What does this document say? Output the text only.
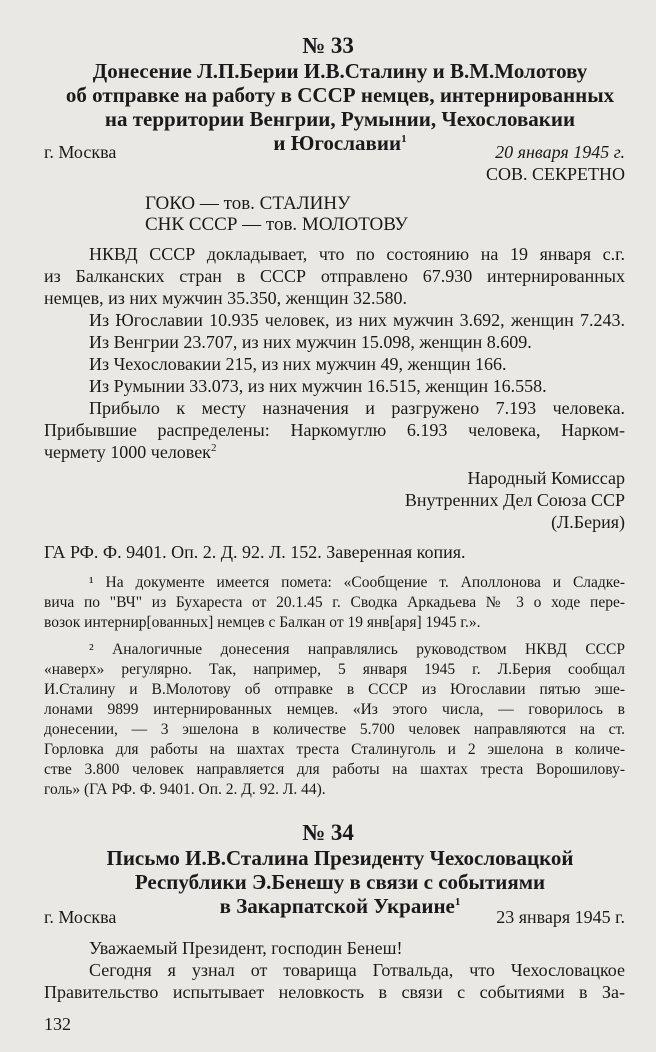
№ 33
Донесение Л.П.Берии И.В.Сталину и В.М.Молотову
об отправке на работу в СССР немцев, интернированных
на территории Венгрии, Румынии, Чехословакии
и Югославии$^1$
г. Москва	20 января 1945 г.
СОВ. СЕКРЕТНО
ГОКО — тов. СТАЛИНУ
СНК СССР — тов. МОЛОТОВУ
НКВД СССР докладывает, что по состоянию на 19 января с.г.
из Балканских стран в СССР отправлено 67.930 интернированных
немцев, из них мужчин 35.350, женщин 32.580.
Из Югославии 10.935 человек, из них мужчин 3.692, женщин 7.243.
Из Венгрии 23.707, из них мужчин 15.098, женщин 8.609.
Из Чехословакии 215, из них мужчин 49, женщин 166.
Из Румынии 33.073, из них мужчин 16.515, женщин 16.558.
Прибыло к месту назначения и разгружено 7.193 человека.
Прибывшие распределены: Наркомуглю 6.193 человека, Нарком-
чермету 1000 человек$^2$
Народный Комиссар
Внутренних Дел Союза ССР
(Л.Берия)
ГА РФ. Ф. 9401. Оп. 2. Д. 92. Л. 152. Заверенная копия.
¹ На документе имеется помета: «Сообщение т. Аполлонова и Сладке-
вича по "ВЧ" из Бухареста от 20.1.45 г. Сводка Аркадьева № 3 о ходе пере-
возок интернир[ованных] немцев с Балкан от 19 янв[аря] 1945 г.».
² Аналогичные донесения направлялись руководством НКВД СССР
«наверх» регулярно. Так, например, 5 января 1945 г. Л.Берия сообщал
И.Сталину и В.Молотову об отправке в СССР из Югославии пятью эше-
лонами 9899 интернированных немцев. «Из этого числа, — говорилось в
донесении, — 3 эшелона в количестве 5.700 человек направляются на ст.
Горловка для работы на шахтах треста Сталинуголь и 2 эшелона в количе-
стве 3.800 человек направляется для работы на шахтах треста Ворошилову-
голь» (ГА РФ. Ф. 9401. Оп. 2. Д. 92. Л. 44).
№ 34
Письмо И.В.Сталина Президенту Чехословацкой
Республики Э.Бенешу в связи с событиями
в Закарпатской Украине$^1$
г. Москва	23 января 1945 г.
Уважаемый Президент, господин Бенеш!
Сегодня я узнал от товарища Готвальда, что Чехословацкое
Правительство испытывает неловкость в связи с событиями в За-
132
